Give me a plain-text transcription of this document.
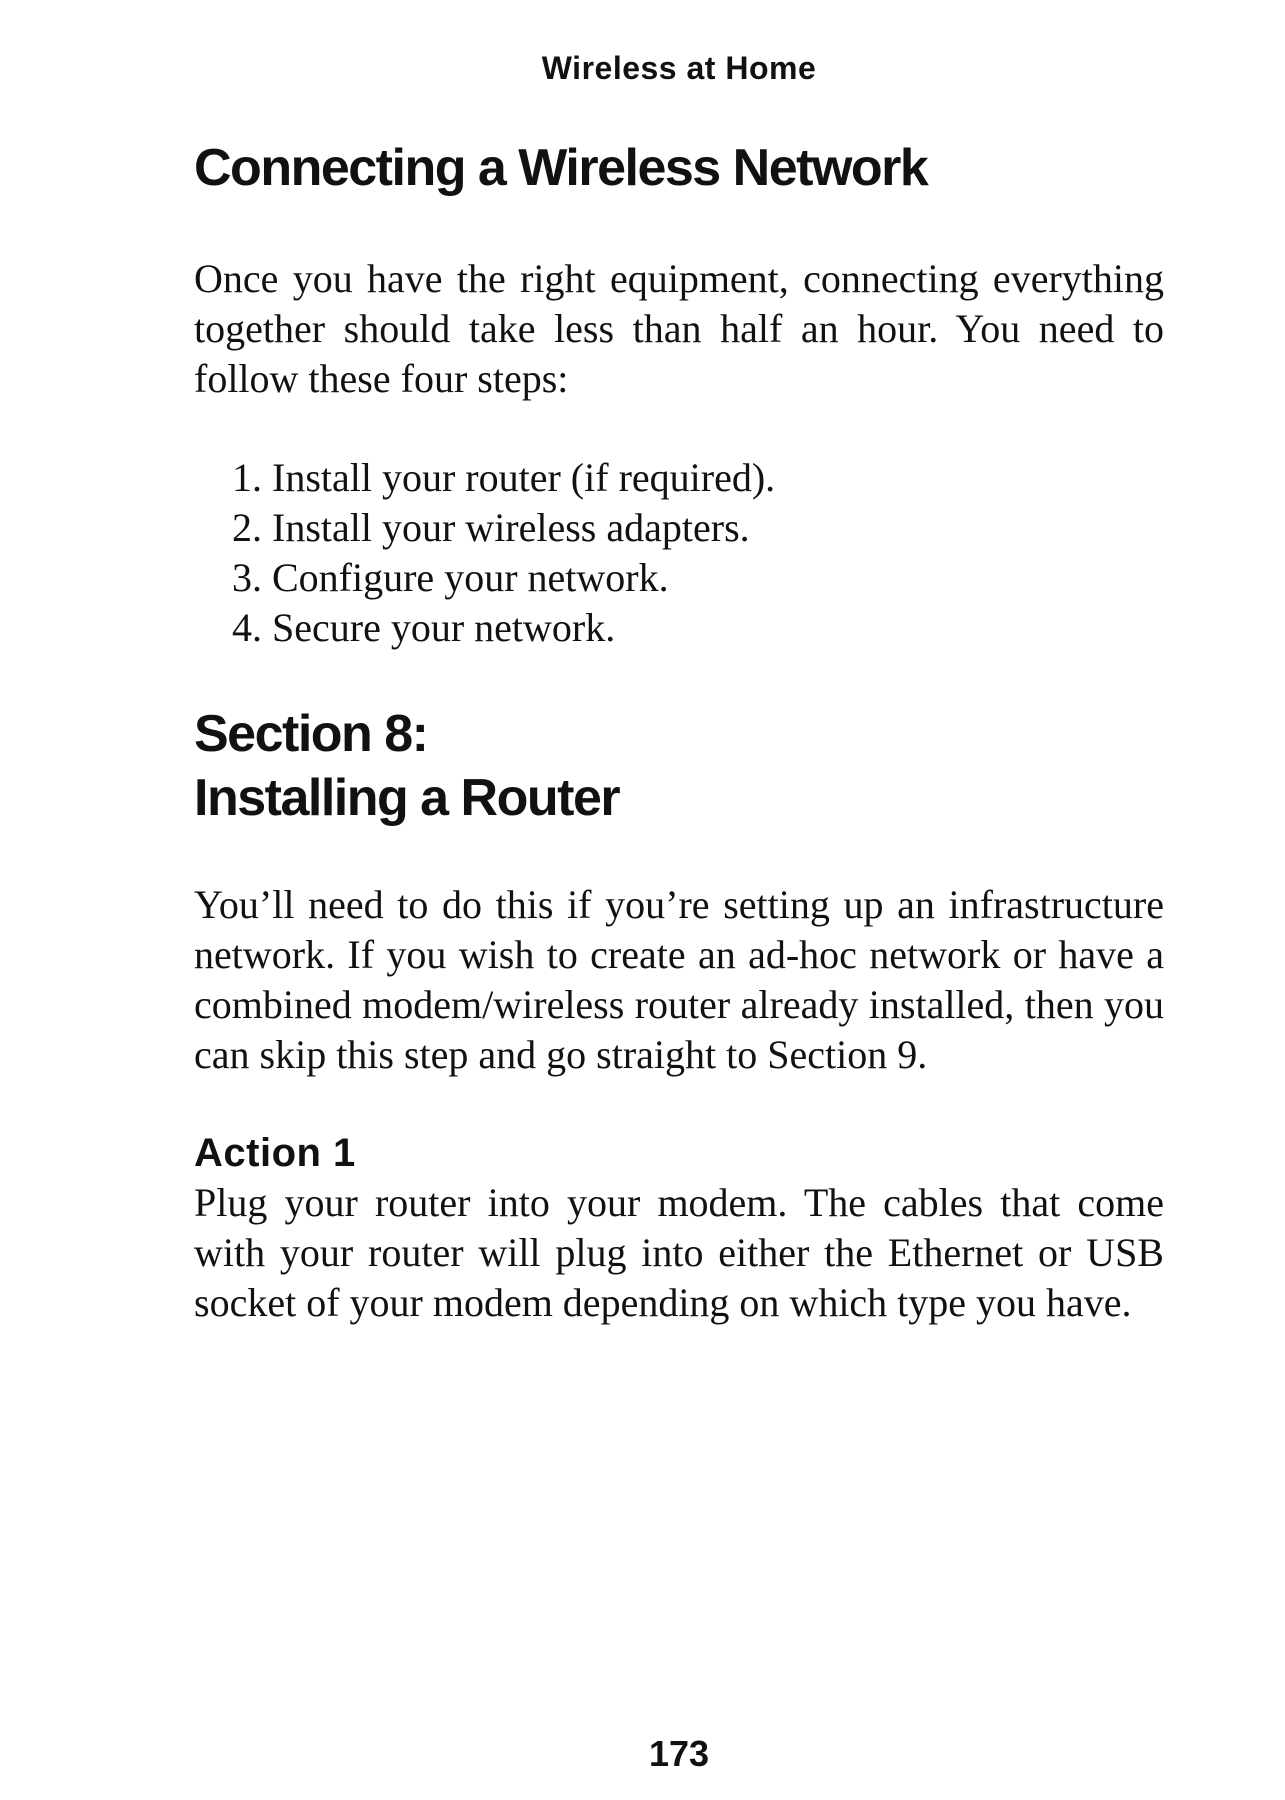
Wireless at Home
Connecting a Wireless Network

Once you have the right equipment, connecting everything together should take less than half an hour. You need to follow these four steps:

1. Install your router (if required).
2. Install your wireless adapters.
3. Configure your network.
4. Secure your network.
Section 8:
Installing a Router

You’ll need to do this if you’re setting up an infrastructure network. If you wish to create an ad-hoc network or have a combined modem/wireless router already installed, then you can skip this step and go straight to Section 9.

Action 1

Plug your router into your modem. The cables that come with your router will plug into either the Ethernet or USB socket of your modem depending on which type you have.

173
